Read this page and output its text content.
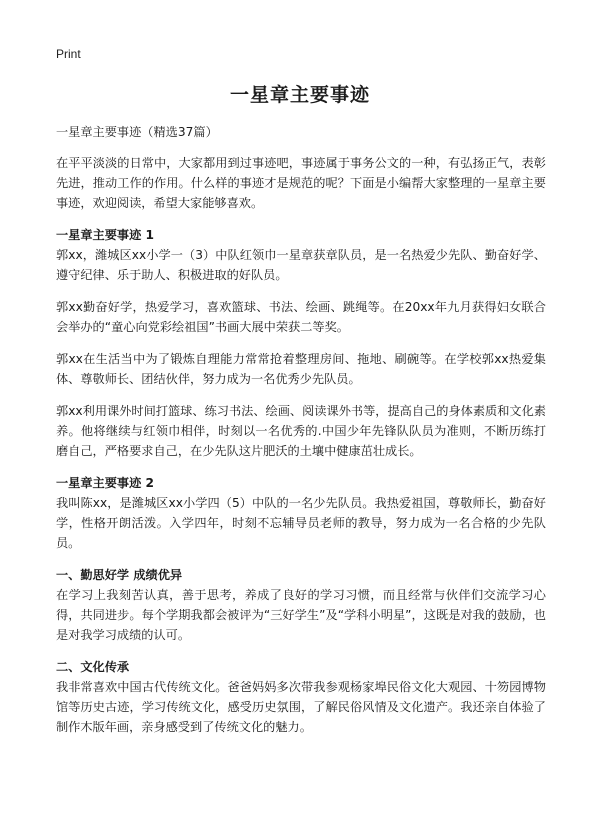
Print
一星章主要事迹

一星章主要事迹（精选37篇）

在平平淡淡的日常中，大家都用到过事迹吧，事迹属于事务公文的一种，有弘扬正气，表彰先进，推动工作的作用。什么样的事迹才是规范的呢？下面是小编帮大家整理的一星章主要事迹，欢迎阅读，希望大家能够喜欢。

一星章主要事迹 1

郭xx，潍城区xx小学一（3）中队红领巾一星章获章队员，是一名热爱少先队、勤奋好学、遵守纪律、乐于助人、积极进取的好队员。

郭xx勤奋好学，热爱学习，喜欢篮球、书法、绘画、跳绳等。在20xx年九月获得妇女联合会举办的“童心向党彩绘祖国”书画大展中荣获二等奖。

郭xx在生活当中为了锻炼自理能力常常抢着整理房间、拖地、刷碗等。在学校郭xx热爱集体、尊敬师长、团结伙伴，努力成为一名优秀少先队员。

郭xx利用课外时间打篮球、练习书法、绘画、阅读课外书等，提高自己的身体素质和文化素养。他将继续与红领巾相伴，时刻以一名优秀的.中国少年先锋队队员为准则，不断历练打磨自己，严格要求自己，在少先队这片肥沃的土壤中健康茁壮成长。

一星章主要事迹 2

我叫陈xx，是潍城区xx小学四（5）中队的一名少先队员。我热爱祖国，尊敬师长，勤奋好学，性格开朗活泼。入学四年，时刻不忘辅导员老师的教导，努力成为一名合格的少先队员。

一、勤思好学 成绩优异

在学习上我刻苦认真，善于思考，养成了良好的学习习惯，而且经常与伙伴们交流学习心得，共同进步。每个学期我都会被评为“三好学生”及“学科小明星”，这既是对我的鼓励，也是对我学习成绩的认可。

二、文化传承

我非常喜欢中国古代传统文化。爸爸妈妈多次带我参观杨家埠民俗文化大观园、十笏园博物馆等历史古迹，学习传统文化，感受历史氛围，了解民俗风情及文化遗产。我还亲自体验了制作木版年画，亲身感受到了传统文化的魅力。
